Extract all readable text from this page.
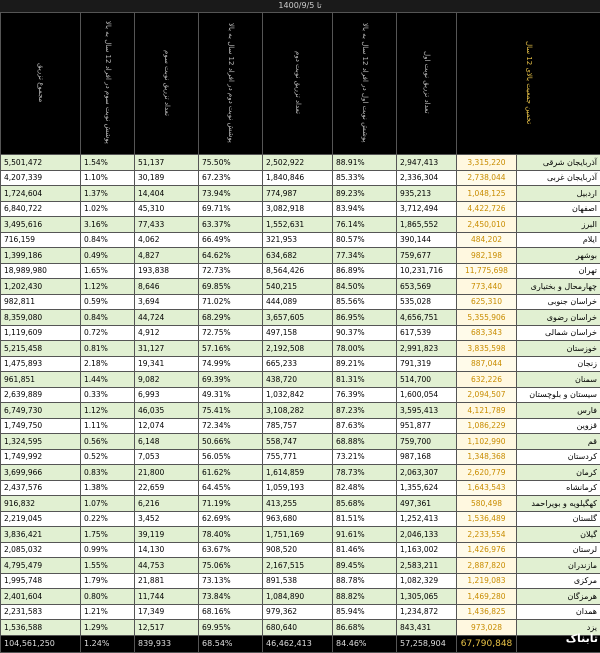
تا 1400/9/5
مجموع تزریق	پوشش نوبت سوم در افراد 12 سال به بالا	تعداد تزریق نوبت سوم	پوشش نوبت دوم در افراد 12 سال به بالا	تعداد تزریق نوبت دوم	پوشش نوبت اول در افراد 12 سال به بالا	تعداد تزریق نوبت اول	تخمین جمعیت بالای 12 سال	
5,501,472	1.54%	51,137	75.50%	2,502,922	88.91%	2,947,413	3,315,220	آذربایجان شرقی
4,207,339	1.10%	30,189	67.23%	1,840,846	85.33%	2,336,304	2,738,044	آذربایجان غربی
1,724,604	1.37%	14,404	73.94%	774,987	89.23%	935,213	1,048,125	اردبیل
6,840,722	1.02%	45,310	69.71%	3,082,918	83.94%	3,712,494	4,422,726	اصفهان
3,495,616	3.16%	77,433	63.37%	1,552,631	76.14%	1,865,552	2,450,010	البرز
716,159	0.84%	4,062	66.49%	321,953	80.57%	390,144	484,202	ایلام
1,399,186	0.49%	4,827	64.62%	634,682	77.34%	759,677	982,198	بوشهر
18,989,980	1.65%	193,838	72.73%	8,564,426	86.89%	10,231,716	11,775,698	تهران
1,202,430	1.12%	8,646	69.85%	540,215	84.50%	653,569	773,440	چهارمحال و بختیاری
982,811	0.59%	3,694	71.02%	444,089	85.56%	535,028	625,310	خراسان جنوبی
8,359,080	0.84%	44,724	68.29%	3,657,605	86.95%	4,656,751	5,355,906	خراسان رضوی
1,119,609	0.72%	4,912	72.75%	497,158	90.37%	617,539	683,343	خراسان شمالی
5,215,458	0.81%	31,127	57.16%	2,192,508	78.00%	2,991,823	3,835,598	خوزستان
1,475,893	2.18%	19,341	74.99%	665,233	89.21%	791,319	887,044	زنجان
961,851	1.44%	9,082	69.39%	438,720	81.31%	514,700	632,226	سمنان
2,639,889	0.33%	6,993	49.31%	1,032,842	76.39%	1,600,054	2,094,507	سیستان و بلوچستان
6,749,730	1.12%	46,035	75.41%	3,108,282	87.23%	3,595,413	4,121,789	فارس
1,749,750	1.11%	12,074	72.34%	785,757	87.63%	951,877	1,086,229	قزوین
1,324,595	0.56%	6,148	50.66%	558,747	68.88%	759,700	1,102,990	قم
1,749,992	0.52%	7,053	56.05%	755,771	73.21%	987,168	1,348,368	کردستان
3,699,966	0.83%	21,800	61.62%	1,614,859	78.73%	2,063,307	2,620,779	کرمان
2,437,576	1.38%	22,659	64.45%	1,059,193	82.48%	1,355,624	1,643,543	کرمانشاه
916,832	1.07%	6,216	71.19%	413,255	85.68%	497,361	580,498	کهگیلویه و بویراحمد
2,219,045	0.22%	3,452	62.69%	963,680	81.51%	1,252,413	1,536,489	گلستان
3,836,421	1.75%	39,119	78.40%	1,751,169	91.61%	2,046,133	2,233,554	گیلان
2,085,032	0.99%	14,130	63.67%	908,520	81.46%	1,163,002	1,426,976	لرستان
4,795,479	1.55%	44,753	75.06%	2,167,515	89.45%	2,583,211	2,887,820	مازندران
1,995,748	1.79%	21,881	73.13%	891,538	88.78%	1,082,329	1,219,083	مرکزی
2,401,604	0.80%	11,744	73.84%	1,084,890	88.82%	1,305,065	1,469,280	هرمزگان
2,231,583	1.21%	17,349	68.16%	979,362	85.94%	1,234,872	1,436,825	همدان
1,536,588	1.29%	12,517	69.95%	680,640	86.68%	843,431	973,028	یزد
104,561,250	1.24%	839,933	68.54%	46,462,413	84.46%	57,258,904	67,790,848		تابناک
